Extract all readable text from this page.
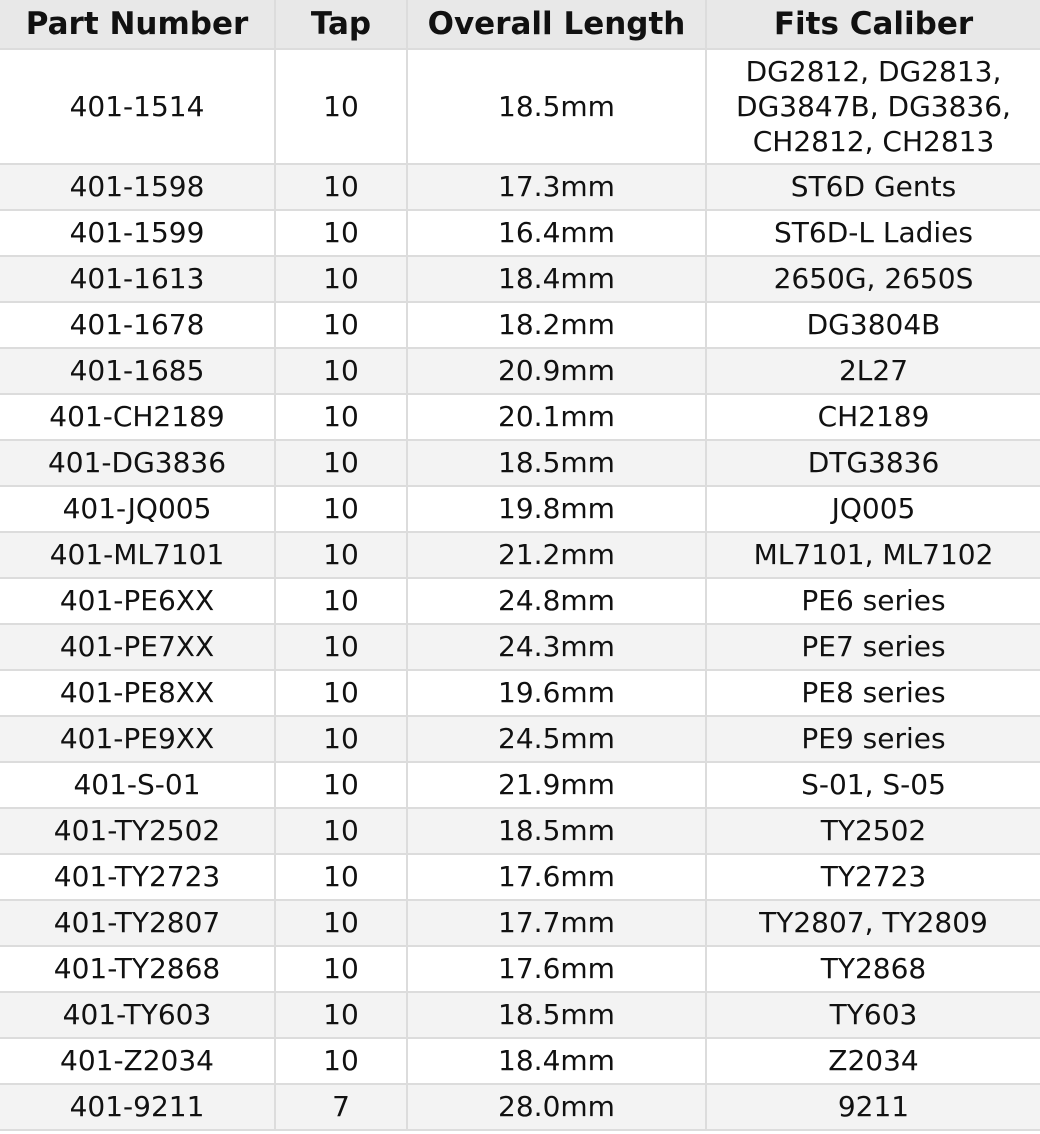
Part Number	Tap	Overall Length	Fits Caliber
401-1514	10	18.5mm	DG2812, DG2813, DG3847B, DG3836, CH2812, CH2813
401-1598	10	17.3mm	ST6D Gents
401-1599	10	16.4mm	ST6D-L Ladies
401-1613	10	18.4mm	2650G, 2650S
401-1678	10	18.2mm	DG3804B
401-1685	10	20.9mm	2L27
401-CH2189	10	20.1mm	CH2189
401-DG3836	10	18.5mm	DTG3836
401-JQ005	10	19.8mm	JQ005
401-ML7101	10	21.2mm	ML7101, ML7102
401-PE6XX	10	24.8mm	PE6 series
401-PE7XX	10	24.3mm	PE7 series
401-PE8XX	10	19.6mm	PE8 series
401-PE9XX	10	24.5mm	PE9 series
401-S-01	10	21.9mm	S-01, S-05
401-TY2502	10	18.5mm	TY2502
401-TY2723	10	17.6mm	TY2723
401-TY2807	10	17.7mm	TY2807, TY2809
401-TY2868	10	17.6mm	TY2868
401-TY603	10	18.5mm	TY603
401-Z2034	10	18.4mm	Z2034
401-9211	7	28.0mm	9211
